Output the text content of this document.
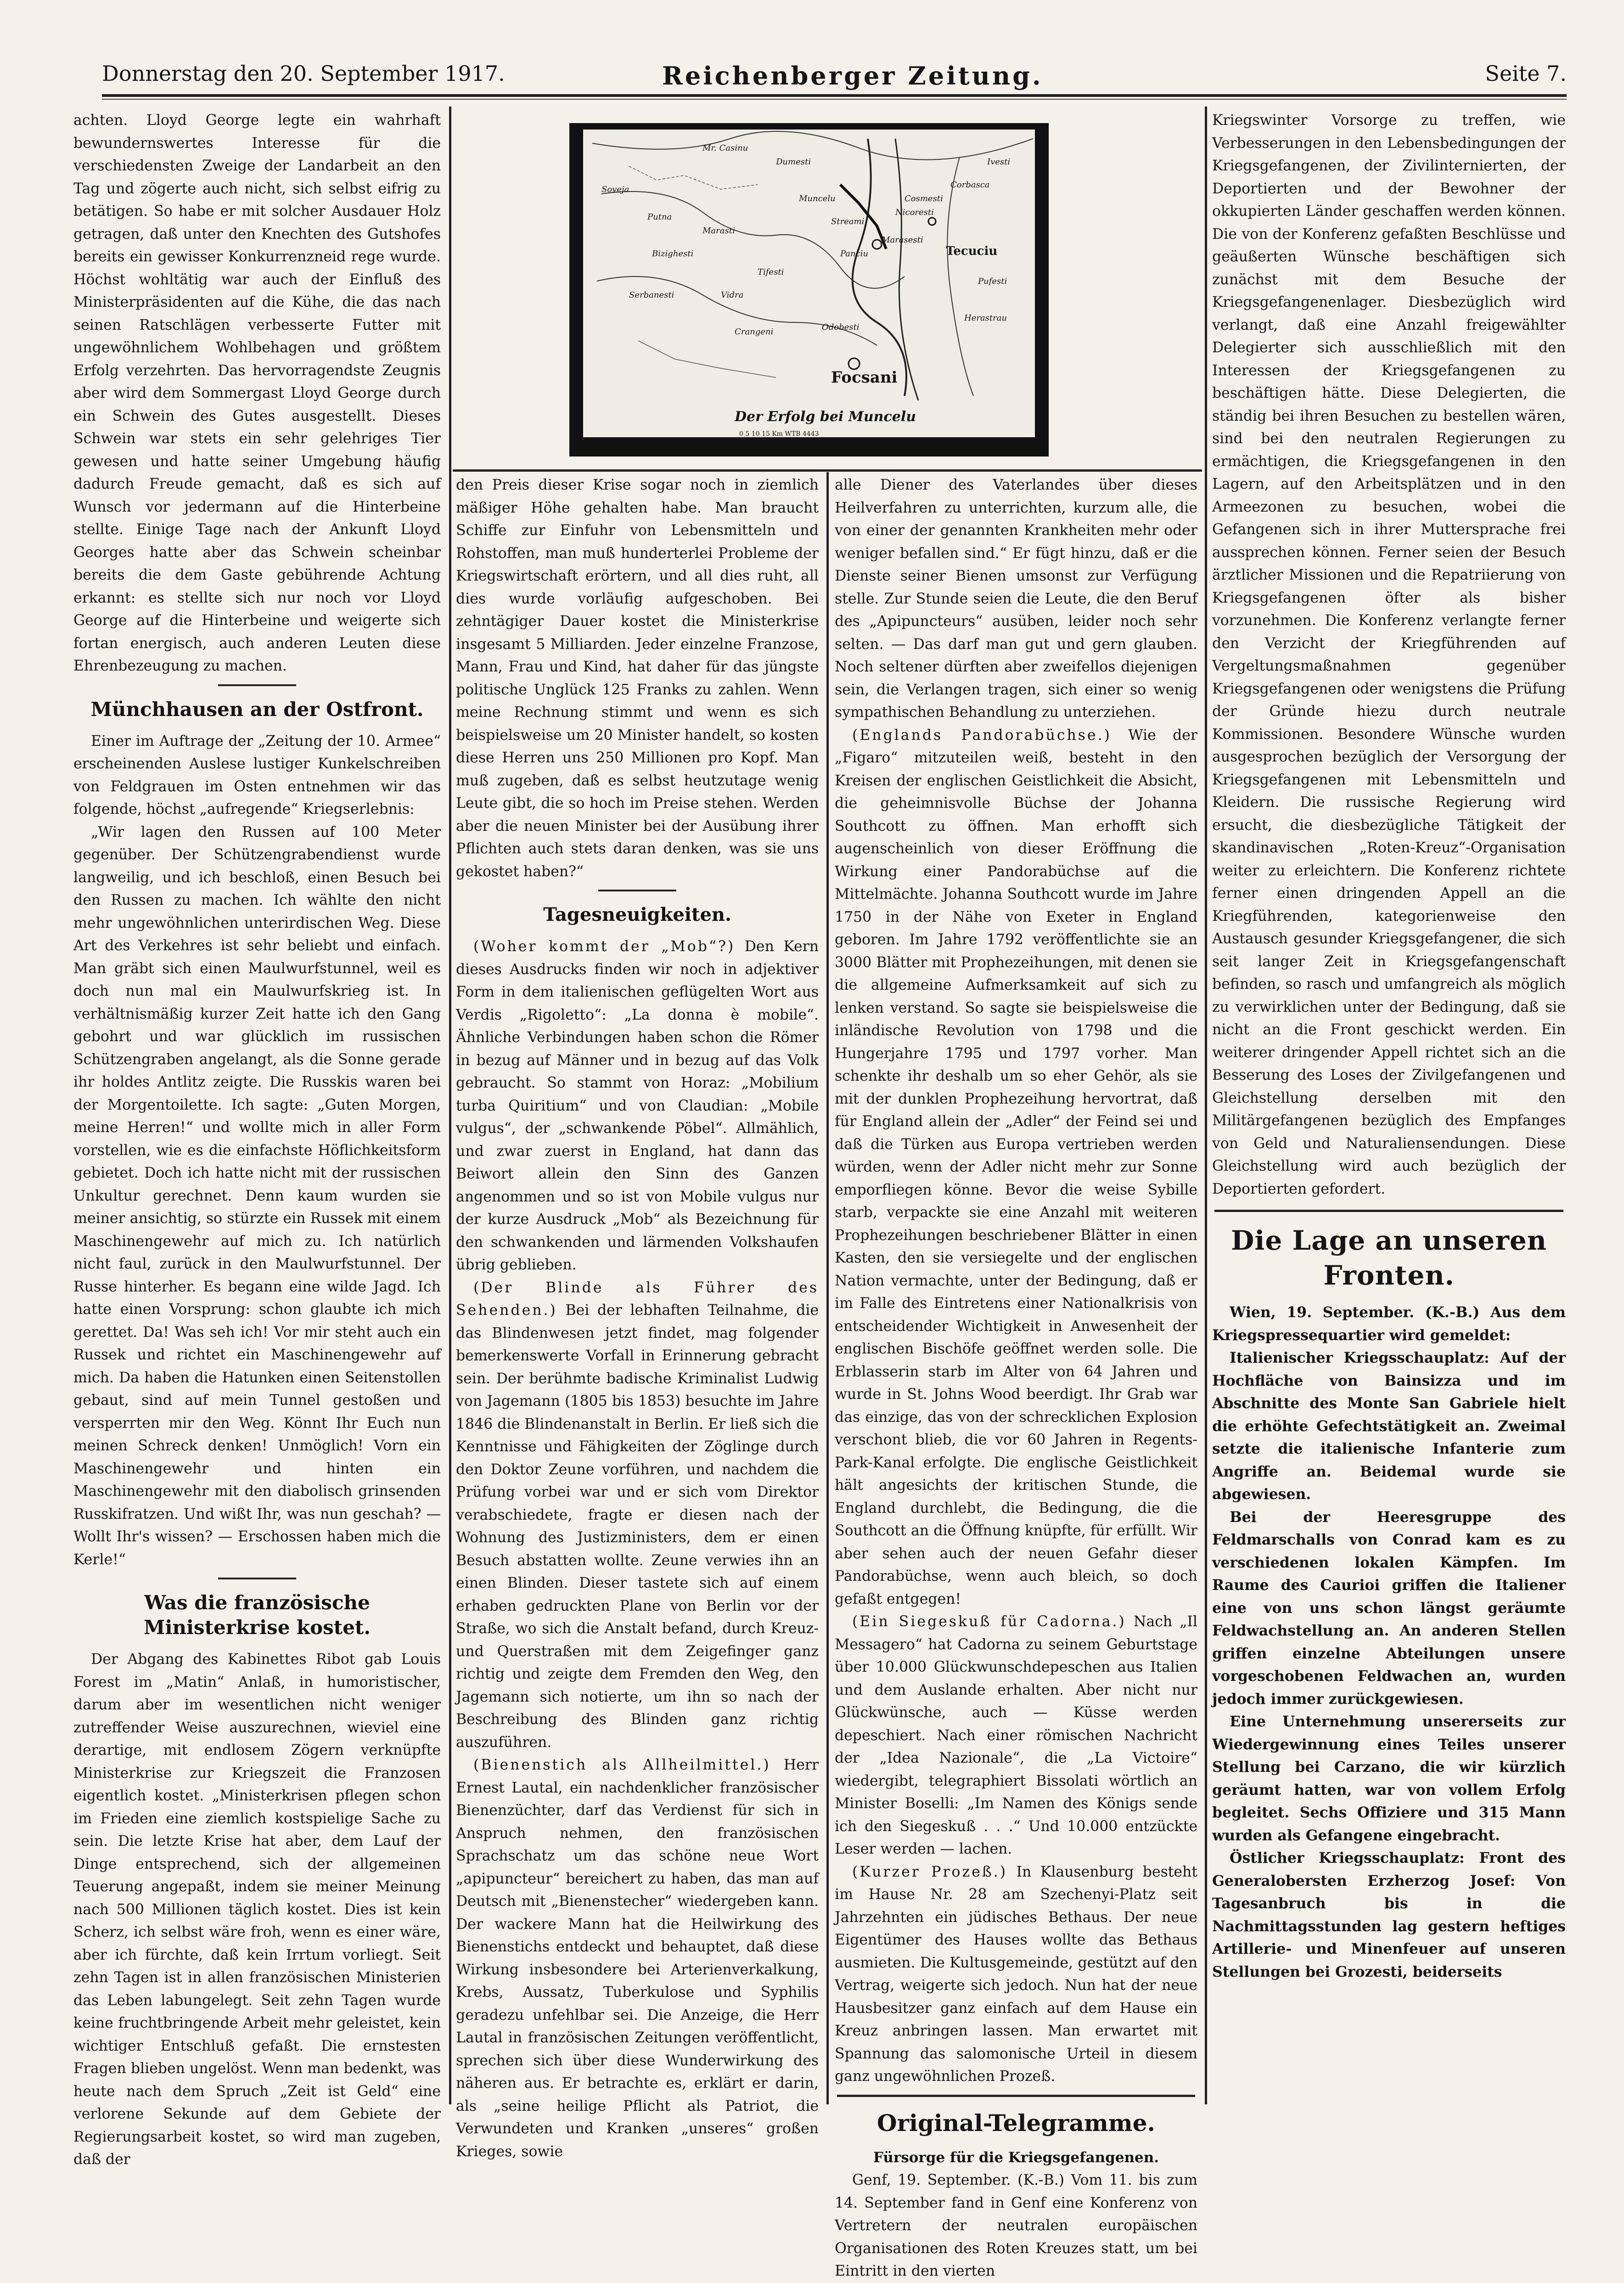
Donnerstag den 20. September 1917.	Reichenberger Zeitung.	Seite 7.

achten. Lloyd George legte ein wahrhaft bewundernswertes Interesse für die verschiedensten Zweige der Landarbeit an den Tag und zögerte auch nicht, sich selbst eifrig zu betätigen. So habe er mit solcher Ausdauer Holz getragen, daß unter den Knechten des Gutshofes bereits ein gewisser Konkurrenzneid rege wurde. Höchst wohltätig war auch der Einfluß des Ministerpräsidenten auf die Kühe, die das nach seinen Ratschlägen verbesserte Futter mit ungewöhnlichem Wohlbehagen und größtem Erfolg verzehrten. Das hervorragendste Zeugnis aber wird dem Sommergast Lloyd George durch ein Schwein des Gutes ausgestellt. Dieses Schwein war stets ein sehr gelehriges Tier gewesen und hatte seiner Umgebung häufig dadurch Freude gemacht, daß es sich auf Wunsch vor jedermann auf die Hinterbeine stellte. Einige Tage nach der Ankunft Lloyd Georges hatte aber das Schwein scheinbar bereits die dem Gaste gebührende Achtung erkannt: es stellte sich nur noch vor Lloyd George auf die Hinterbeine und weigerte sich fortan energisch, auch anderen Leuten diese Ehrenbezeugung zu machen.

Münchhausen an der Ostfront.

Einer im Auftrage der „Zeitung der 10. Armee“ erscheinenden Auslese lustiger Kunkelschreiben von Feldgrauen im Osten entnehmen wir das folgende, höchst „aufregende“ Kriegserlebnis:

„Wir lagen den Russen auf 100 Meter gegenüber. Der Schützengrabendienst wurde langweilig, und ich beschloß, einen Besuch bei den Russen zu machen. Ich wählte den nicht mehr ungewöhnlichen unterirdischen Weg. Diese Art des Verkehres ist sehr beliebt und einfach. Man gräbt sich einen Maulwurfstunnel, weil es doch nun mal ein Maulwurfskrieg ist. In verhältnismäßig kurzer Zeit hatte ich den Gang gebohrt und war glücklich im russischen Schützengraben angelangt, als die Sonne gerade ihr holdes Antlitz zeigte. Die Russkis waren bei der Morgentoilette. Ich sagte: „Guten Morgen, meine Herren!“ und wollte mich in aller Form vorstellen, wie es die einfachste Höflichkeitsform gebietet. Doch ich hatte nicht mit der russischen Unkultur gerechnet. Denn kaum wurden sie meiner ansichtig, so stürzte ein Russek mit einem Maschinengewehr auf mich zu. Ich natürlich nicht faul, zurück in den Maulwurfstunnel. Der Russe hinterher. Es begann eine wilde Jagd. Ich hatte einen Vorsprung: schon glaubte ich mich gerettet. Da! Was seh ich! Vor mir steht auch ein Russek und richtet ein Maschinengewehr auf mich. Da haben die Hatunken einen Seitenstollen gebaut, sind auf mein Tunnel gestoßen und versperrten mir den Weg. Könnt Ihr Euch nun meinen Schreck denken! Unmöglich! Vorn ein Maschinengewehr und hinten ein Maschinengewehr mit den diabolisch grinsenden Russkifratzen. Und wißt Ihr, was nun geschah? — Wollt Ihr's wissen? — Erschossen haben mich die Kerle!“

Was die französische Ministerkrise kostet.

Der Abgang des Kabinettes Ribot gab Louis Forest im „Matin“ Anlaß, in humoristischer, darum aber im wesentlichen nicht weniger zutreffender Weise auszurechnen, wieviel eine derartige, mit endlosem Zögern verknüpfte Ministerkrise zur Kriegszeit die Franzosen eigentlich kostet. „Ministerkrisen pflegen schon im Frieden eine ziemlich kostspielige Sache zu sein. Die letzte Krise hat aber, dem Lauf der Dinge entsprechend, sich der allgemeinen Teuerung angepaßt, indem sie meiner Meinung nach 500 Millionen täglich kostet. Dies ist kein Scherz, ich selbst wäre froh, wenn es einer wäre, aber ich fürchte, daß kein Irrtum vorliegt. Seit zehn Tagen ist in allen französischen Ministerien das Leben labungelegt. Seit zehn Tagen wurde keine fruchtbringende Arbeit mehr geleistet, kein wichtiger Entschluß gefaßt. Die ernstesten Fragen blieben ungelöst. Wenn man bedenkt, was heute nach dem Spruch „Zeit ist Geld“ eine verlorene Sekunde auf dem Gebiete der Regierungsarbeit kostet, so wird man zugeben, daß der

Mr. Casinu
Dumesti
Muncelu
Streami
Marasesti
Panciu	Tecuciu
Focsani
Odobesti
Putna
Marasti
Soveja
Bizighesti
Vidra
Herastrau
Pufesti
Tifesti
Corbasca
Cosmesti
Ivesti
Serbanesti
Nicoresti
Crangeni
Der Erfolg bei Muncelu
0 5 10 15 Km WTB 4443

den Preis dieser Krise sogar noch in ziemlich mäßiger Höhe gehalten habe. Man braucht Schiffe zur Einfuhr von Lebensmitteln und Rohstoffen, man muß hunderterlei Probleme der Kriegswirtschaft erörtern, und all dies ruht, all dies wurde vorläufig aufgeschoben. Bei zehntägiger Dauer kostet die Ministerkrise insgesamt 5 Milliarden. Jeder einzelne Franzose, Mann, Frau und Kind, hat daher für das jüngste politische Unglück 125 Franks zu zahlen. Wenn meine Rechnung stimmt und wenn es sich beispielsweise um 20 Minister handelt, so kosten diese Herren uns 250 Millionen pro Kopf. Man muß zugeben, daß es selbst heutzutage wenig Leute gibt, die so hoch im Preise stehen. Werden aber die neuen Minister bei der Ausübung ihrer Pflichten auch stets daran denken, was sie uns gekostet haben?“

Tagesneuigkeiten.

(Woher kommt der „Mob“?) Den Kern dieses Ausdrucks finden wir noch in adjektiver Form in dem italienischen geflügelten Wort aus Verdis „Rigoletto“: „La donna è mobile“. Ähnliche Verbindungen haben schon die Römer in bezug auf Männer und in bezug auf das Volk gebraucht. So stammt von Horaz: „Mobilium turba Quiritium“ und von Claudian: „Mobile vulgus“, der „schwankende Pöbel“. Allmählich, und zwar zuerst in England, hat dann das Beiwort allein den Sinn des Ganzen angenommen und so ist von Mobile vulgus nur der kurze Ausdruck „Mob“ als Bezeichnung für den schwankenden und lärmenden Volkshaufen übrig geblieben.

(Der Blinde als Führer des Sehenden.) Bei der lebhaften Teilnahme, die das Blindenwesen jetzt findet, mag folgender bemerkenswerte Vorfall in Erinnerung gebracht sein. Der berühmte badische Kriminalist Ludwig von Jagemann (1805 bis 1853) besuchte im Jahre 1846 die Blindenanstalt in Berlin. Er ließ sich die Kenntnisse und Fähigkeiten der Zöglinge durch den Doktor Zeune vorführen, und nachdem die Prüfung vorbei war und er sich vom Direktor verabschiedete, fragte er diesen nach der Wohnung des Justizministers, dem er einen Besuch abstatten wollte. Zeune verwies ihn an einen Blinden. Dieser tastete sich auf einem erhaben gedruckten Plane von Berlin vor der Straße, wo sich die Anstalt befand, durch Kreuz- und Querstraßen mit dem Zeigefinger ganz richtig und zeigte dem Fremden den Weg, den Jagemann sich notierte, um ihn so nach der Beschreibung des Blinden ganz richtig auszuführen.

(Bienenstich als Allheilmittel.) Herr Ernest Lautal, ein nachdenklicher französischer Bienenzüchter, darf das Verdienst für sich in Anspruch nehmen, den französischen Sprachschatz um das schöne neue Wort „apipuncteur“ bereichert zu haben, das man auf Deutsch mit „Bienenstecher“ wiedergeben kann. Der wackere Mann hat die Heilwirkung des Bienenstichs entdeckt und behauptet, daß diese Wirkung insbesondere bei Arterienverkalkung, Krebs, Aussatz, Tuberkulose und Syphilis geradezu unfehlbar sei. Die Anzeige, die Herr Lautal in französischen Zeitungen veröffentlicht, sprechen sich über diese Wunderwirkung des näheren aus. Er betrachte es, erklärt er darin, als „seine heilige Pflicht als Patriot, die Verwundeten und Kranken „unseres“ großen Krieges, sowie

alle Diener des Vaterlandes über dieses Heilverfahren zu unterrichten, kurzum alle, die von einer der genannten Krankheiten mehr oder weniger befallen sind.“ Er fügt hinzu, daß er die Dienste seiner Bienen umsonst zur Verfügung stelle. Zur Stunde seien die Leute, die den Beruf des „Apipuncteurs“ ausüben, leider noch sehr selten. — Das darf man gut und gern glauben. Noch seltener dürften aber zweifellos diejenigen sein, die Verlangen tragen, sich einer so wenig sympathischen Behandlung zu unterziehen.

(Englands Pandorabüchse.) Wie der „Figaro“ mitzuteilen weiß, besteht in den Kreisen der englischen Geistlichkeit die Absicht, die geheimnisvolle Büchse der Johanna Southcott zu öffnen. Man erhofft sich augenscheinlich von dieser Eröffnung die Wirkung einer Pandorabüchse auf die Mittelmächte. Johanna Southcott wurde im Jahre 1750 in der Nähe von Exeter in England geboren. Im Jahre 1792 veröffentlichte sie an 3000 Blätter mit Prophezeihungen, mit denen sie die allgemeine Aufmerksamkeit auf sich zu lenken verstand. So sagte sie beispielsweise die inländische Revolution von 1798 und die Hungerjahre 1795 und 1797 vorher. Man schenkte ihr deshalb um so eher Gehör, als sie mit der dunklen Prophezeihung hervortrat, daß für England allein der „Adler“ der Feind sei und daß die Türken aus Europa vertrieben werden würden, wenn der Adler nicht mehr zur Sonne emporfliegen könne. Bevor die weise Sybille starb, verpackte sie eine Anzahl mit weiteren Prophezeihungen beschriebener Blätter in einen Kasten, den sie versiegelte und der englischen Nation vermachte, unter der Bedingung, daß er im Falle des Eintretens einer Nationalkrisis von entscheidender Wichtigkeit in Anwesenheit der englischen Bischöfe geöffnet werden solle. Die Erblasserin starb im Alter von 64 Jahren und wurde in St. Johns Wood beerdigt. Ihr Grab war das einzige, das von der schrecklichen Explosion verschont blieb, die vor 60 Jahren in Regents-Park-Kanal erfolgte. Die englische Geistlichkeit hält angesichts der kritischen Stunde, die England durchlebt, die Bedingung, die die Southcott an die Öffnung knüpfte, für erfüllt. Wir aber sehen auch der neuen Gefahr dieser Pandorabüchse, wenn auch bleich, so doch gefaßt entgegen!

(Ein Siegeskuß für Cadorna.) Nach „Il Messagero“ hat Cadorna zu seinem Geburtstage über 10.000 Glückwunschdepeschen aus Italien und dem Auslande erhalten. Aber nicht nur Glückwünsche, auch — Küsse werden depeschiert. Nach einer römischen Nachricht der „Idea Nazionale“, die „La Victoire“ wiedergibt, telegraphiert Bissolati wörtlich an Minister Boselli: „Im Namen des Königs sende ich den Siegeskuß . . .“ Und 10.000 entzückte Leser werden — lachen.

(Kurzer Prozeß.) In Klausenburg besteht im Hause Nr. 28 am Szechenyi-Platz seit Jahrzehnten ein jüdisches Bethaus. Der neue Eigentümer des Hauses wollte das Bethaus ausmieten. Die Kultusgemeinde, gestützt auf den Vertrag, weigerte sich jedoch. Nun hat der neue Hausbesitzer ganz einfach auf dem Hause ein Kreuz anbringen lassen. Man erwartet mit Spannung das salomonische Urteil in diesem ganz ungewöhnlichen Prozeß.

Original-Telegramme.
Fürsorge für die Kriegsgefangenen.

Genf, 19. September. (K.-B.) Vom 11. bis zum 14. September fand in Genf eine Konferenz von Vertretern der neutralen europäischen Organisationen des Roten Kreuzes statt, um bei Eintritt in den vierten

Kriegswinter Vorsorge zu treffen, wie Verbesserungen in den Lebensbedingungen der Kriegsgefangenen, der Zivilinternierten, der Deportierten und der Bewohner der okkupierten Länder geschaffen werden können. Die von der Konferenz gefaßten Beschlüsse und geäußerten Wünsche beschäftigen sich zunächst mit dem Besuche der Kriegsgefangenenlager. Diesbezüglich wird verlangt, daß eine Anzahl freigewählter Delegierter sich ausschließlich mit den Interessen der Kriegsgefangenen zu beschäftigen hätte. Diese Delegierten, die ständig bei ihren Besuchen zu bestellen wären, sind bei den neutralen Regierungen zu ermächtigen, die Kriegsgefangenen in den Lagern, auf den Arbeitsplätzen und in den Armeezonen zu besuchen, wobei die Gefangenen sich in ihrer Muttersprache frei aussprechen können. Ferner seien der Besuch ärztlicher Missionen und die Repatriierung von Kriegsgefangenen öfter als bisher vorzunehmen. Die Konferenz verlangte ferner den Verzicht der Kriegführenden auf Vergeltungsmaßnahmen gegenüber Kriegsgefangenen oder wenigstens die Prüfung der Gründe hiezu durch neutrale Kommissionen. Besondere Wünsche wurden ausgesprochen bezüglich der Versorgung der Kriegsgefangenen mit Lebensmitteln und Kleidern. Die russische Regierung wird ersucht, die diesbezügliche Tätigkeit der skandinavischen „Roten-Kreuz“-Organisation weiter zu erleichtern. Die Konferenz richtete ferner einen dringenden Appell an die Kriegführenden, kategorienweise den Austausch gesunder Kriegsgefangener, die sich seit langer Zeit in Kriegsgefangenschaft befinden, so rasch und umfangreich als möglich zu verwirklichen unter der Bedingung, daß sie nicht an die Front geschickt werden. Ein weiterer dringender Appell richtet sich an die Besserung des Loses der Zivilgefangenen und Gleichstellung derselben mit den Militärgefangenen bezüglich des Empfanges von Geld und Naturaliensendungen. Diese Gleichstellung wird auch bezüglich der Deportierten gefordert.

Die Lage an unseren Fronten.

Wien, 19. September. (K.-B.) Aus dem Kriegspressequartier wird gemeldet:

Italienischer Kriegsschauplatz: Auf der Hochfläche von Bainsizza und im Abschnitte des Monte San Gabriele hielt die erhöhte Gefechtstätigkeit an. Zweimal setzte die italienische Infanterie zum Angriffe an. Beidemal wurde sie abgewiesen.

Bei der Heeresgruppe des Feldmarschalls von Conrad kam es zu verschiedenen lokalen Kämpfen. Im Raume des Caurioi griffen die Italiener eine von uns schon längst geräumte Feldwachstellung an. An anderen Stellen griffen einzelne Abteilungen unsere vorgeschobenen Feldwachen an, wurden jedoch immer zurückgewiesen.

Eine Unternehmung unsererseits zur Wiedergewinnung eines Teiles unserer Stellung bei Carzano, die wir kürzlich geräumt hatten, war von vollem Erfolg begleitet. Sechs Offiziere und 315 Mann wurden als Gefangene eingebracht.

Östlicher Kriegsschauplatz: Front des Generalobersten Erzherzog Josef: Von Tagesanbruch bis in die Nachmittagsstunden lag gestern heftiges Artillerie- und Minenfeuer auf unseren Stellungen bei Grozesti, beiderseits
